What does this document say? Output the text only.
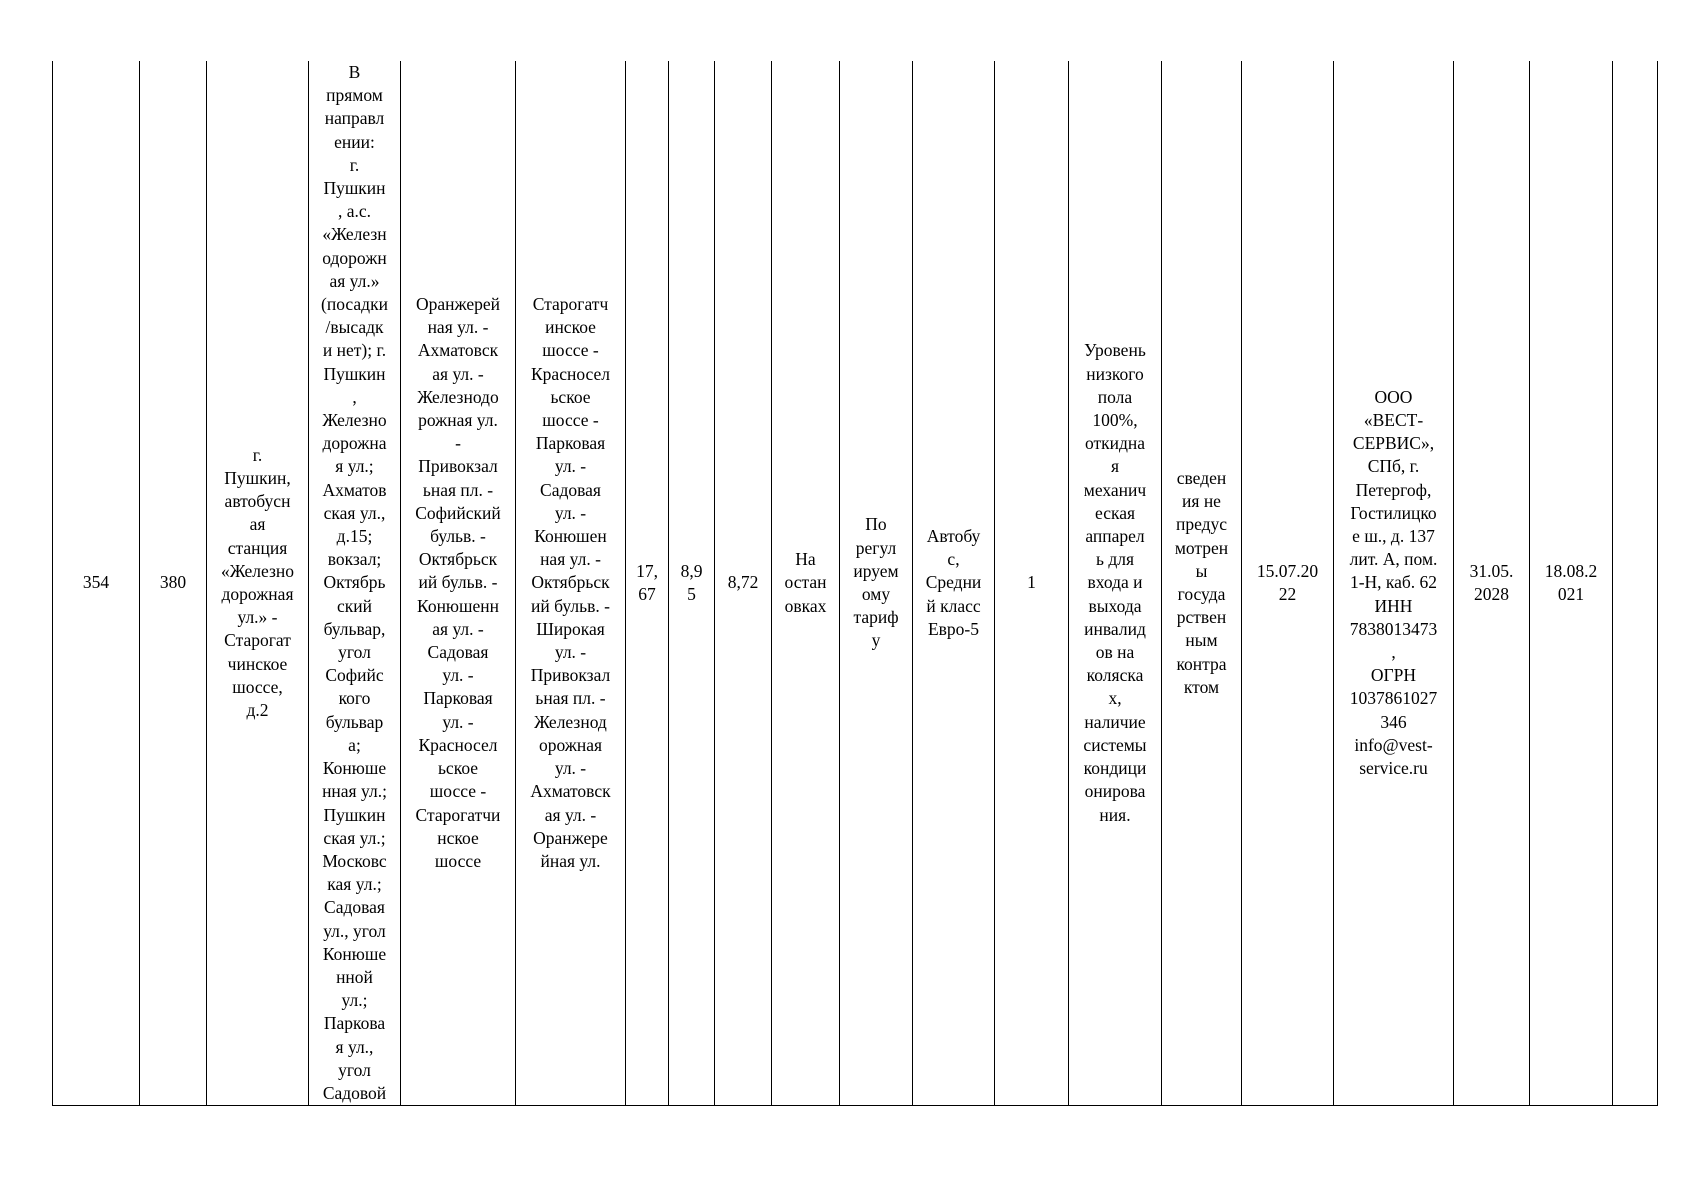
354	380	г.
Пушкин,
автобусн
ая
станция
«Железно
дорожная
ул.» -
Старогат
чинское
шоссе,
д.2	В
прямом
направл
ении:
г.
Пушкин
, а.с.
«Железн
одорожн
ая ул.»
(посадки
/высадк
и нет); г.
Пушкин
,
Железно
дорожна
я ул.;
Ахматов
ская ул.,
д.15;
вокзал;
Октябрь
ский
бульвар,
угол
Софийс
кого
бульвар
а;
Конюше
нная ул.;
Пушкин
ская ул.;
Московс
кая ул.;
Садовая
ул., угол
Конюше
нной
ул.;
Паркова
я ул.,
угол
Садовой	Оранжерей
ная ул. -
Ахматовск
ая ул. -
Железнодо
рожная ул.
-
Привокзал
ьная пл. -
Софийский
бульв. -
Октябрьск
ий бульв. -
Конюшенн
ая ул. -
Садовая
ул. -
Парковая
ул. -
Красносел
ьское
шоссе -
Старогатчи
нское
шоссе	Старогатч
инское
шоссе -
Красносел
ьское
шоссе -
Парковая
ул. -
Садовая
ул. -
Конюшен
ная ул. -
Октябрьск
ий бульв. -
Широкая
ул. -
Привокзал
ьная пл. -
Железнод
орожная
ул. -
Ахматовск
ая ул. -
Оранжере
йная ул.	17,
67	8,9
5	8,72	На
остан
овках	По
регул
ируем
ому
тариф
у	Автобу
с,
Средни
й класс
Евро-5	1	Уровень
низкого
пола
100%,
откидна
я
механич
еская
аппарел
ь для
входа и
выхода
инвалид
ов на
коляска
х,
наличие
системы
кондици
онирова
ния.	сведен
ия не
предус
мотрен
ы
госуда
рствен
ным
контра
ктом	15.07.20
22	ООО
«ВЕСТ-
СЕРВИС»,
СПб, г.
Петергоф,
Гостилицко
е ш., д. 137
лит. А, пом.
1-Н, каб. 62
ИНН
7838013473
,
ОГРН
1037861027
346
info@vest-
service.ru	31.05.
2028	18.08.2
021	
